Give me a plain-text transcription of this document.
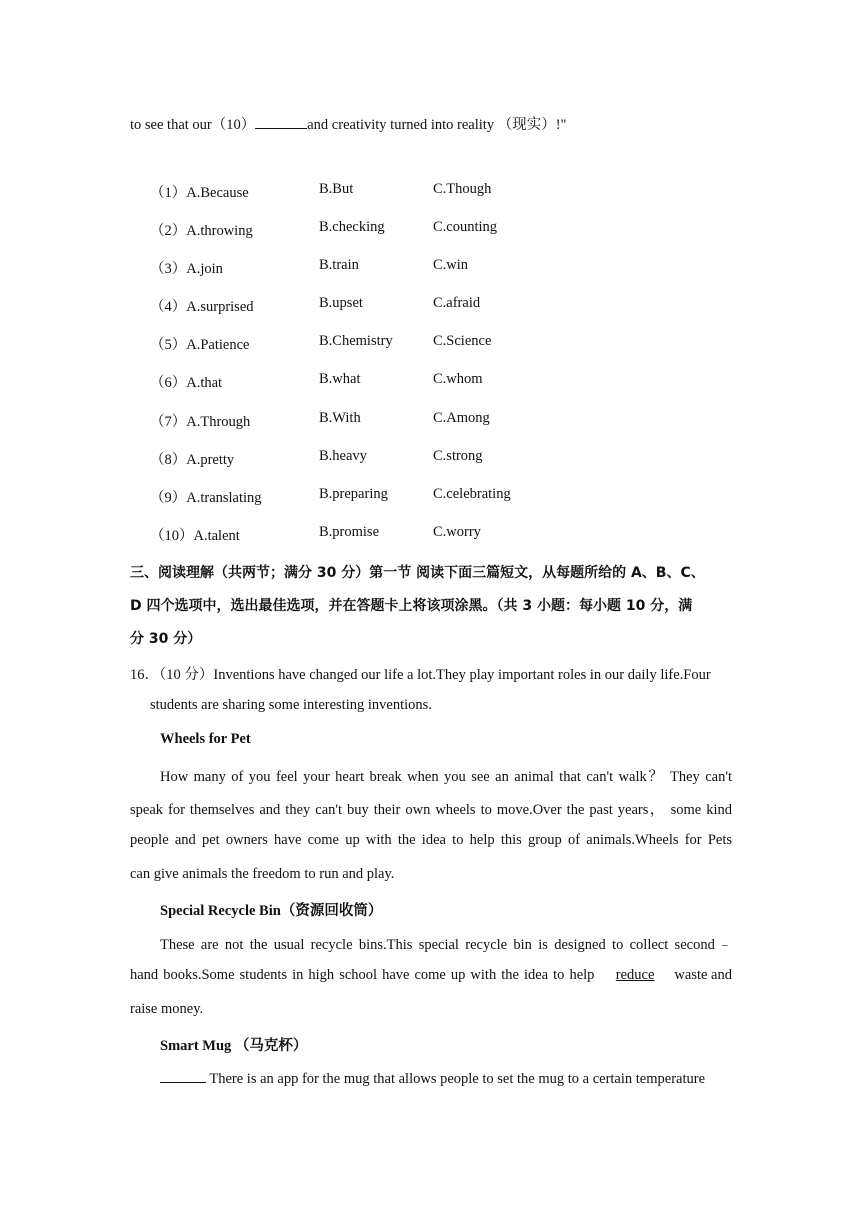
to see that our（10）	and creativity turned into reality （现实）!"
（1）A.Because	B.But	C.Though
（2）A.throwing	B.checking	C.counting
（3）A.join	B.train	C.win
（4）A.surprised	B.upset	C.afraid
（5）A.Patience	B.Chemistry	C.Science
（6）A.that	B.what	C.whom
（7）A.Through	B.With	C.Among
（8）A.pretty	B.heavy	C.strong
（9）A.translating	B.preparing	C.celebrating
（10）A.talent	B.promise	C.worry
三、阅读理解（共两节；满分 30 分）第一节 阅读下面三篇短文，从每题所给的 A、B、C、
D 四个选项中，选出最佳选项，并在答题卡上将该项涂黑。（共 3 小题：每小题 10 分，满
分 30 分）
16．（10 分）Inventions have changed our life a lot.They play important roles in our daily life.Four
students are sharing some interesting inventions.
Wheels for Pet
How many of you feel your heart break when you see an animal that can't walk？ They can't
speak for themselves and they can't buy their own wheels to move.Over the past years， some kind
people and pet owners have come up with the idea to help this group of animals.Wheels for Pets
can give animals the freedom to run and play.
Special Recycle Bin（资源回收筒）
These are not the usual recycle bins.This special recycle bin is designed to collect second﹣
hand books.Some students in high school have come up with the idea to help reduce waste and
raise money.
Smart Mug （马克杯）
There is an app for the mug that allows people to set the mug to a certain temperature
